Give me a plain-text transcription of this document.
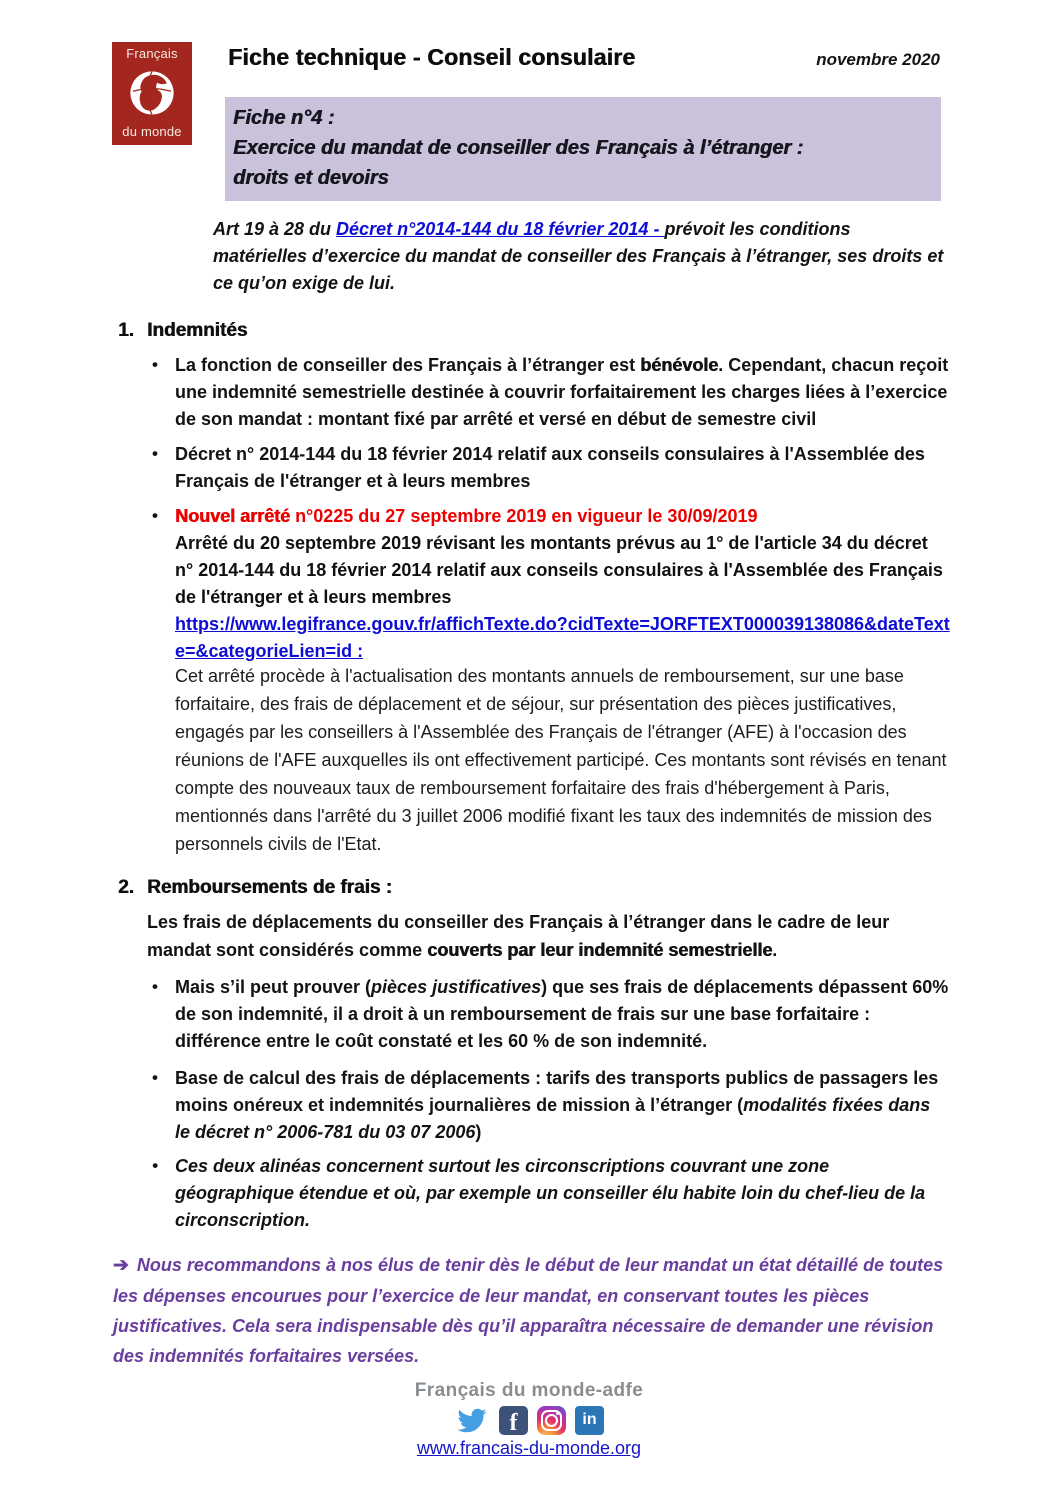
Français
du monde
Fiche technique - Conseil consulaire	novembre 2020
Fiche n°4 :
Exercice du mandat de conseiller des Français à l’étranger :
droits et devoirs

Art 19 à 28 du Décret n°2014-144 du 18 février 2014 - prévoit les conditions matérielles d’exercice du mandat de conseiller des Français à l’étranger, ses droits et ce qu’on exige de lui.

1. Indemnités
• La fonction de conseiller des Français à l’étranger est bénévole. Cependant, chacun reçoit une indemnité semestrielle destinée à couvrir forfaitairement les charges liées à l’exercice de son mandat : montant fixé par arrêté et versé en début de semestre civil
• Décret n° 2014-144 du 18 février 2014 relatif aux conseils consulaires à l'Assemblée des Français de l'étranger et à leurs membres
• Nouvel arrêté n°0225 du 27 septembre 2019 en vigueur le 30/09/2019
Arrêté du 20 septembre 2019 révisant les montants prévus au 1° de l'article 34 du décret n° 2014-144 du 18 février 2014 relatif aux conseils consulaires à l'Assemblée des Français de l'étranger et à leurs membres
https://www.legifrance.gouv.fr/affichTexte.do?cidTexte=JORFTEXT000039138086&dateTexte=&categorieLien=id :

Cet arrêté procède à l'actualisation des montants annuels de remboursement, sur une base forfaitaire, des frais de déplacement et de séjour, sur présentation des pièces justificatives, engagés par les conseillers à l'Assemblée des Français de l'étranger (AFE) à l'occasion des réunions de l'AFE auxquelles ils ont effectivement participé. Ces montants sont révisés en tenant compte des nouveaux taux de remboursement forfaitaire des frais d'hébergement à Paris, mentionnés dans l'arrêté du 3 juillet 2006 modifié fixant les taux des indemnités de mission des personnels civils de l'Etat.

2. Remboursements de frais :

Les frais de déplacements du conseiller des Français à l’étranger dans le cadre de leur mandat sont considérés comme couverts par leur indemnité semestrielle.

• Mais s’il peut prouver (pièces justificatives) que ses frais de déplacements dépassent 60% de son indemnité, il a droit à un remboursement de frais sur une base forfaitaire : différence entre le coût constaté et les 60 % de son indemnité.
• Base de calcul des frais de déplacements : tarifs des transports publics de passagers les moins onéreux et indemnités journalières de mission à l’étranger (modalités fixées dans le décret n° 2006-781 du 03 07 2006)
• Ces deux alinéas concernent surtout les circonscriptions couvrant une zone géographique étendue et où, par exemple un conseiller élu habite loin du chef-lieu de la circonscription.
➔ Nous recommandons à nos élus de tenir dès le début de leur mandat un état détaillé de toutes les dépenses encourues pour l’exercice de leur mandat, en conservant toutes les pièces justificatives. Cela sera indispensable dès qu’il apparaîtra nécessaire de demander une révision des indemnités forfaitaires versées.
Français du monde-adfe
f	in
www.francais-du-monde.org
